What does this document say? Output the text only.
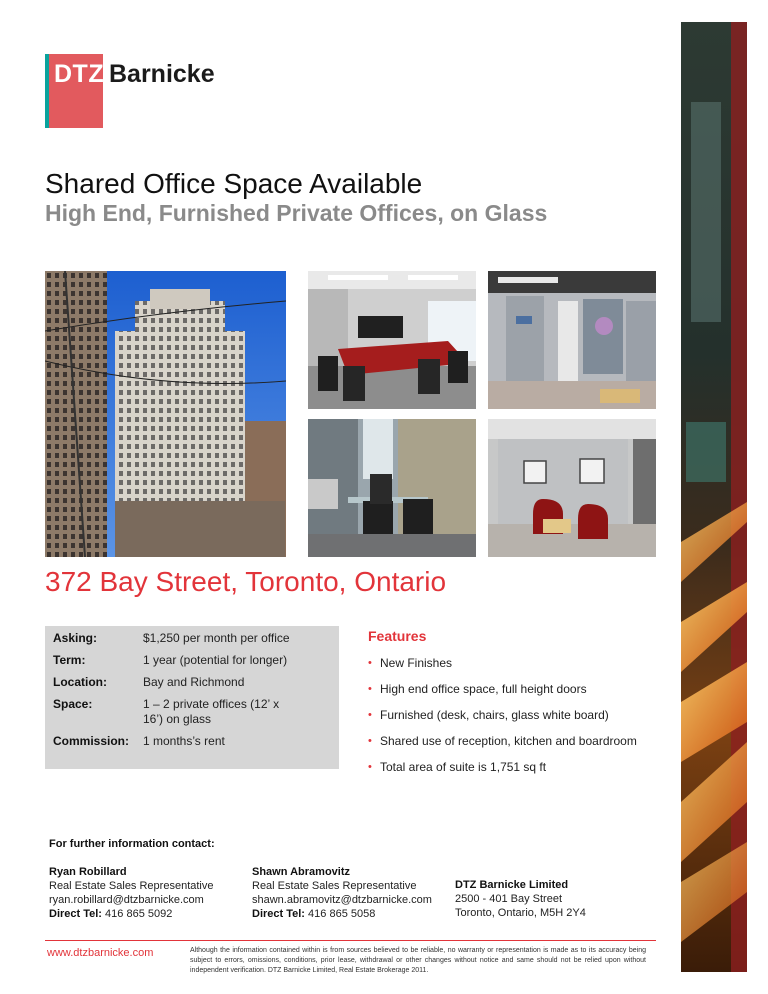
DTZ Barnicke
Shared Office Space Available
High End, Furnished Private Offices, on Glass
372 Bay Street, Toronto, Ontario
Asking:	$1,250 per month per office
Term:	1 year (potential for longer)
Location:	Bay and Richmond
Space:	1 – 2 private offices (12’ x 16’) on glass
Commission:	1 months’s rent
Features
• New Finishes
• High end office space, full height doors
• Furnished (desk, chairs, glass white board)
• Shared use of reception, kitchen and boardroom
• Total area of suite is 1,751 sq ft
For further information contact:
Ryan Robillard
Real Estate Sales Representative
ryan.robillard@dtzbarnicke.com
Direct Tel: 416 865 5092
Shawn Abramovitz
Real Estate Sales Representative
shawn.abramovitz@dtzbarnicke.com
Direct Tel: 416 865 5058
DTZ Barnicke Limited
2500 - 401 Bay Street
Toronto, Ontario, M5H 2Y4
www.dtzbarnicke.com	Although the information contained within is from sources believed to be reliable, no warranty or representation is made as to its accuracy being subject to errors, omissions, conditions, prior lease, withdrawal or other changes without notice and same should not be relied upon without independent verification. DTZ Barnicke Limited, Real Estate Brokerage 2011.
